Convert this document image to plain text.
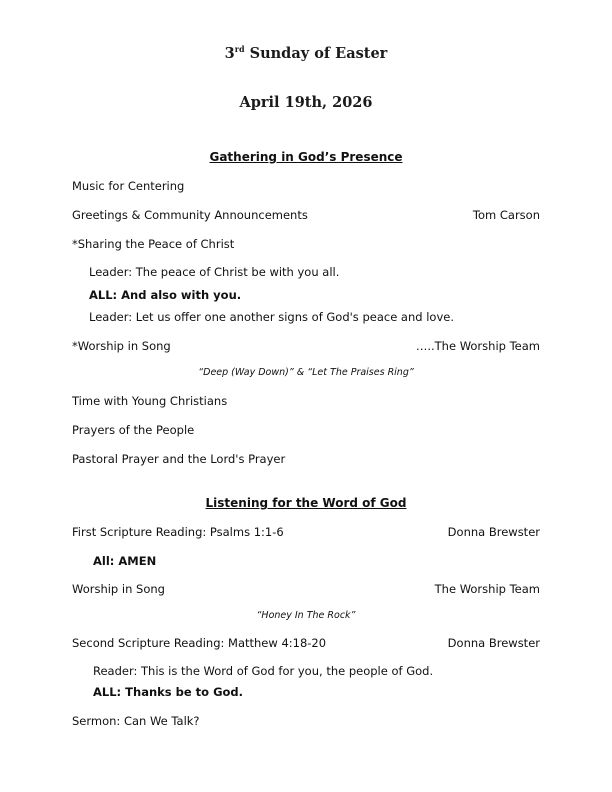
3rd Sunday of Easter
April 19th, 2026
Gathering in God’s Presence
Music for Centering
Greetings & Community Announcements	Tom Carson
*Sharing the Peace of Christ
Leader: The peace of Christ be with you all.
ALL: And also with you.
Leader: Let us offer one another signs of God's peace and love.
*Worship in Song	…..The Worship Team
“Deep (Way Down)” & “Let The Praises Ring”
Time with Young Christians
Prayers of the People
Pastoral Prayer and the Lord's Prayer
Listening for the Word of God
First Scripture Reading: Psalms 1:1-6	Donna Brewster
All: AMEN
Worship in Song	The Worship Team
“Honey In The Rock”
Second Scripture Reading: Matthew 4:18-20	Donna Brewster
Reader: This is the Word of God for you, the people of God.
ALL: Thanks be to God.
Sermon: Can We Talk?
